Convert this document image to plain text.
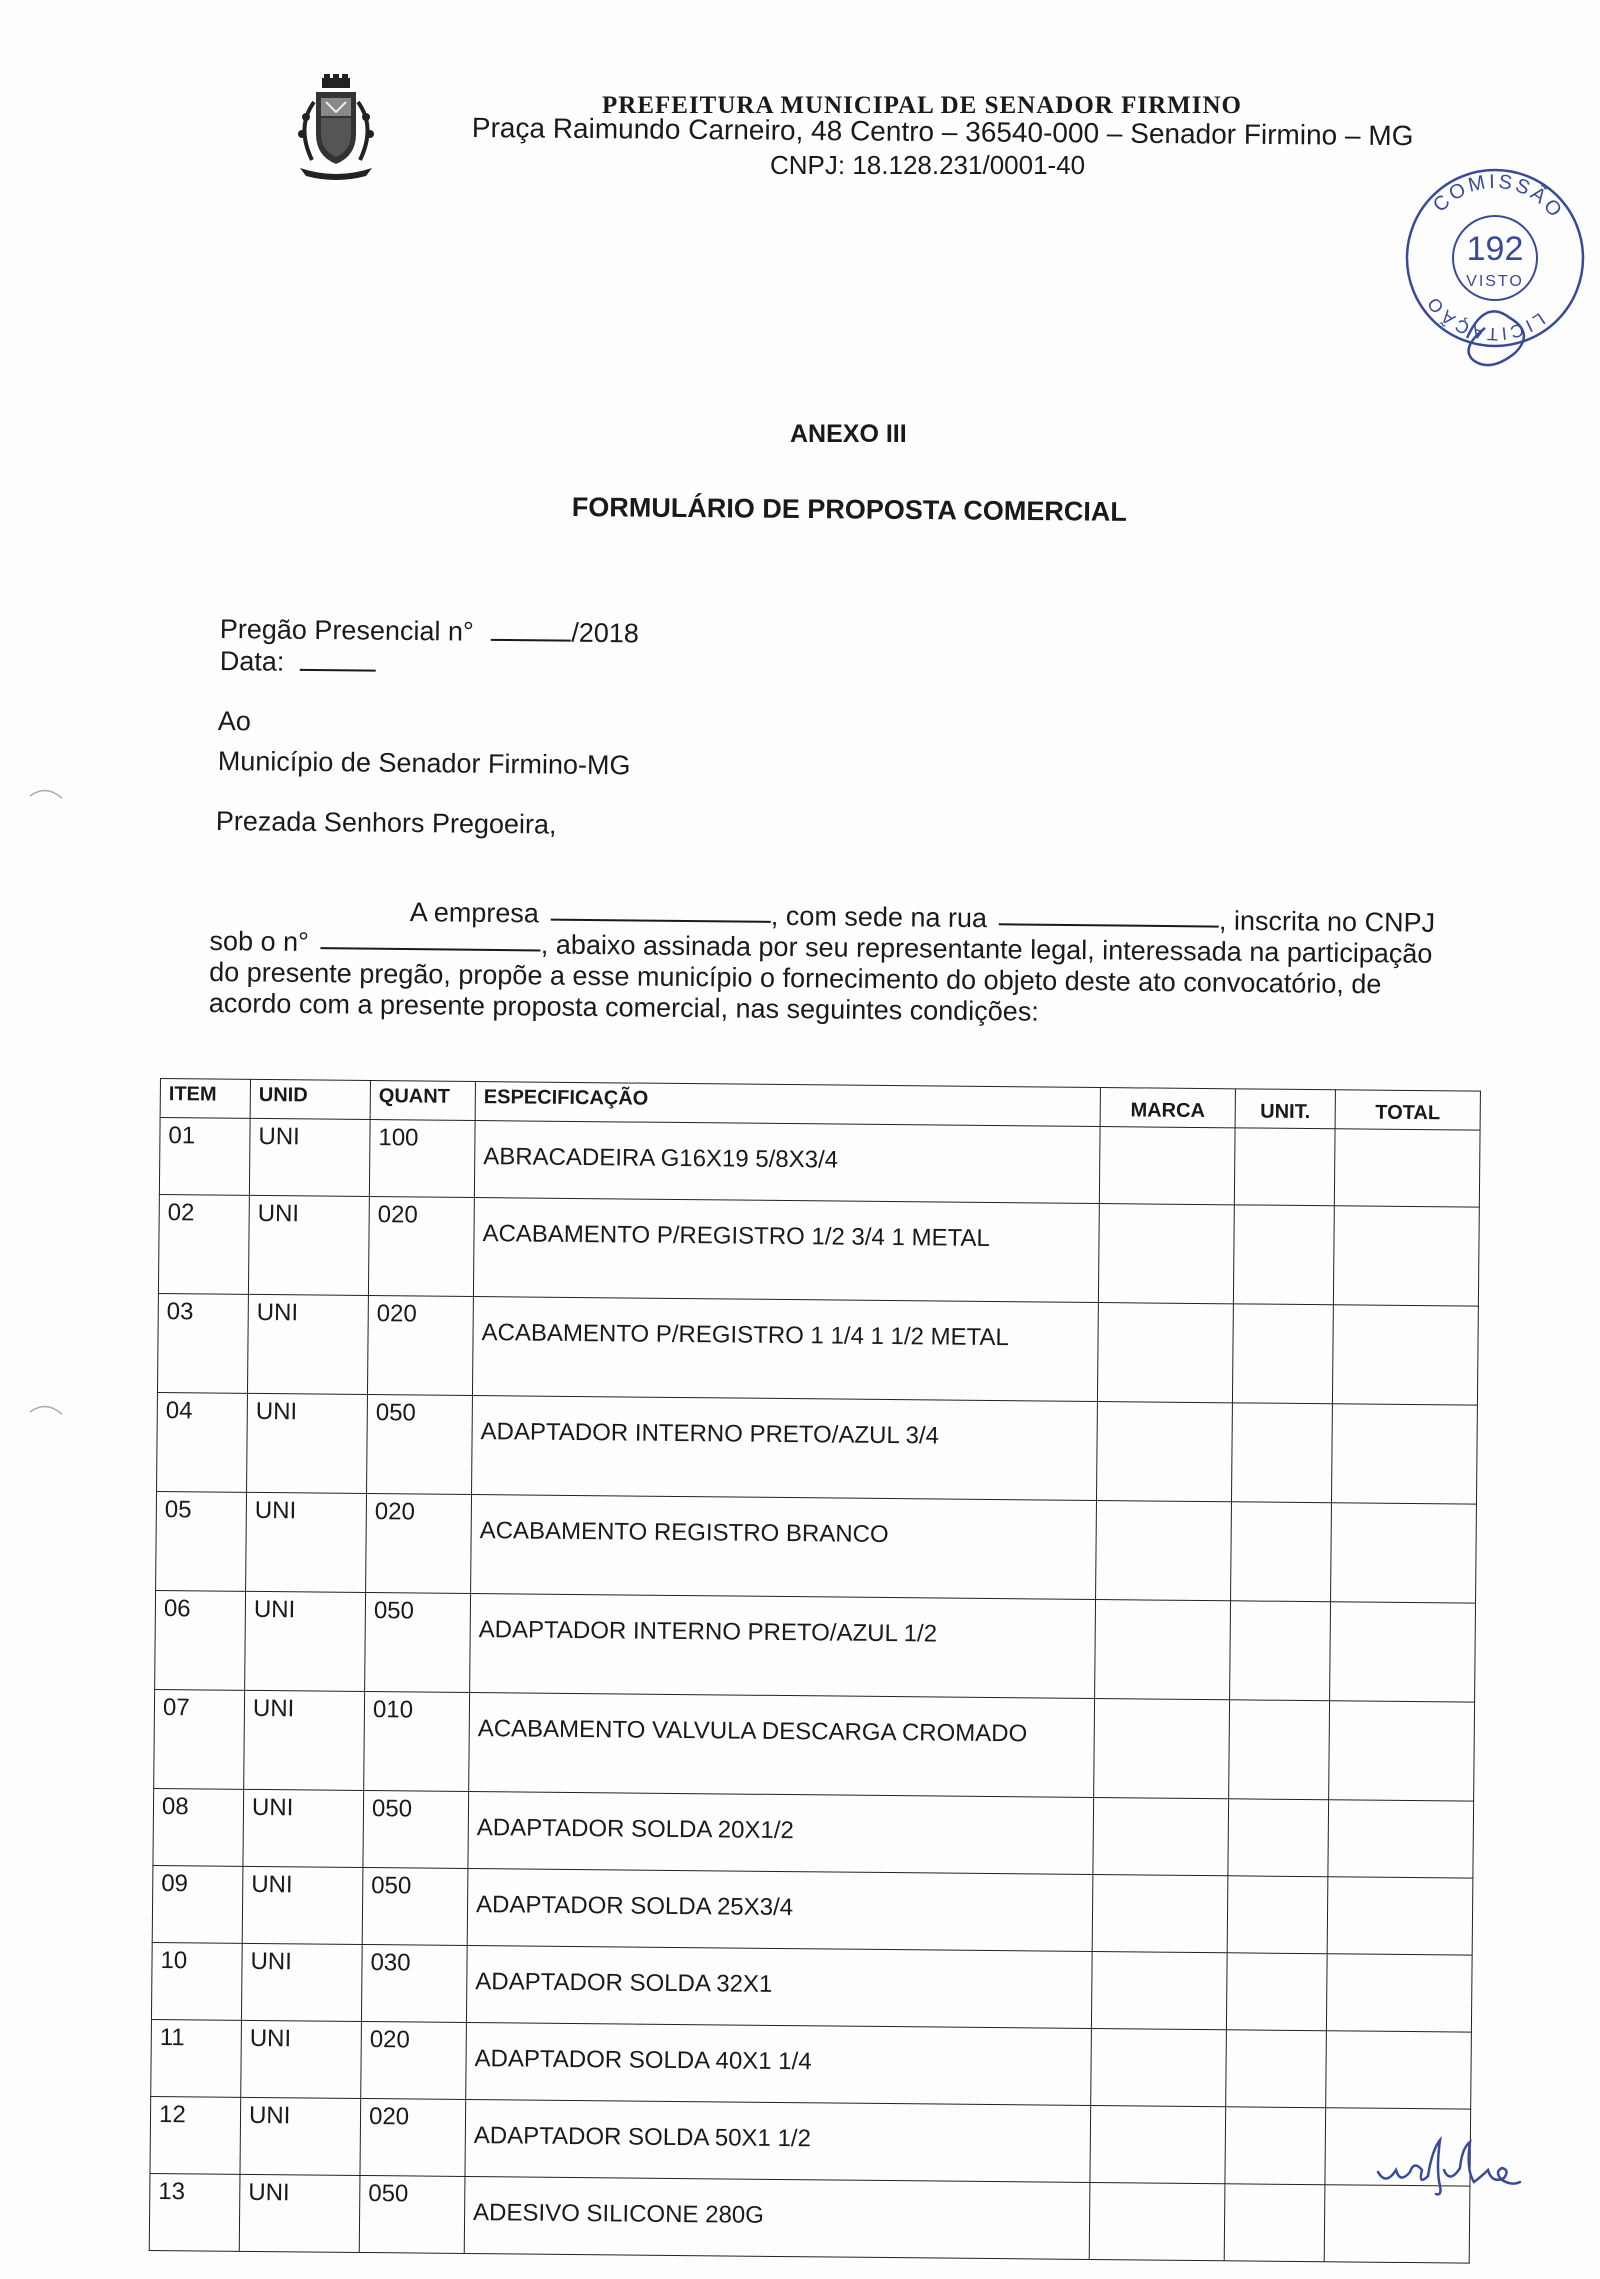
PREFEITURA MUNICIPAL DE SENADOR FIRMINO
Praça Raimundo Carneiro, 48 Centro – 36540-000 – Senador Firmino – MG
CNPJ: 18.128.231/0001-40
COMISSÃO
LICITAÇÃO
192
VISTO
ANEXO III
FORMULÁRIO DE PROPOSTA COMERCIAL
Pregão Presencial n°	/2018
Data:
Ao
Município de Senador Firmino-MG
Prezada Senhors Pregoeira,
A empresa	, com sede na rua	, inscrita no CNPJ
sob o n°	, abaixo assinada por seu representante legal, interessada na participação
do presente pregão, propõe a esse município o fornecimento do objeto deste ato convocatório, de
acordo com a presente proposta comercial, nas seguintes condições:
ITEM	UNID	QUANT	ESPECIFICAÇÃO	MARCA	UNIT.	TOTAL
01	UNI	100	ABRACADEIRA G16X19 5/8X3/4			
02	UNI	020	ACABAMENTO P/REGISTRO 1/2 3/4 1 METAL			
03	UNI	020	ACABAMENTO P/REGISTRO 1 1/4 1 1/2 METAL			
04	UNI	050	ADAPTADOR INTERNO PRETO/AZUL 3/4			
05	UNI	020	ACABAMENTO REGISTRO BRANCO			
06	UNI	050	ADAPTADOR INTERNO PRETO/AZUL 1/2			
07	UNI	010	ACABAMENTO VALVULA DESCARGA CROMADO			
08	UNI	050	ADAPTADOR SOLDA 20X1/2			
09	UNI	050	ADAPTADOR SOLDA 25X3/4			
10	UNI	030	ADAPTADOR SOLDA 32X1			
11	UNI	020	ADAPTADOR SOLDA 40X1 1/4			
12	UNI	020	ADAPTADOR SOLDA 50X1 1/2			
13	UNI	050	ADESIVO SILICONE 280G			
